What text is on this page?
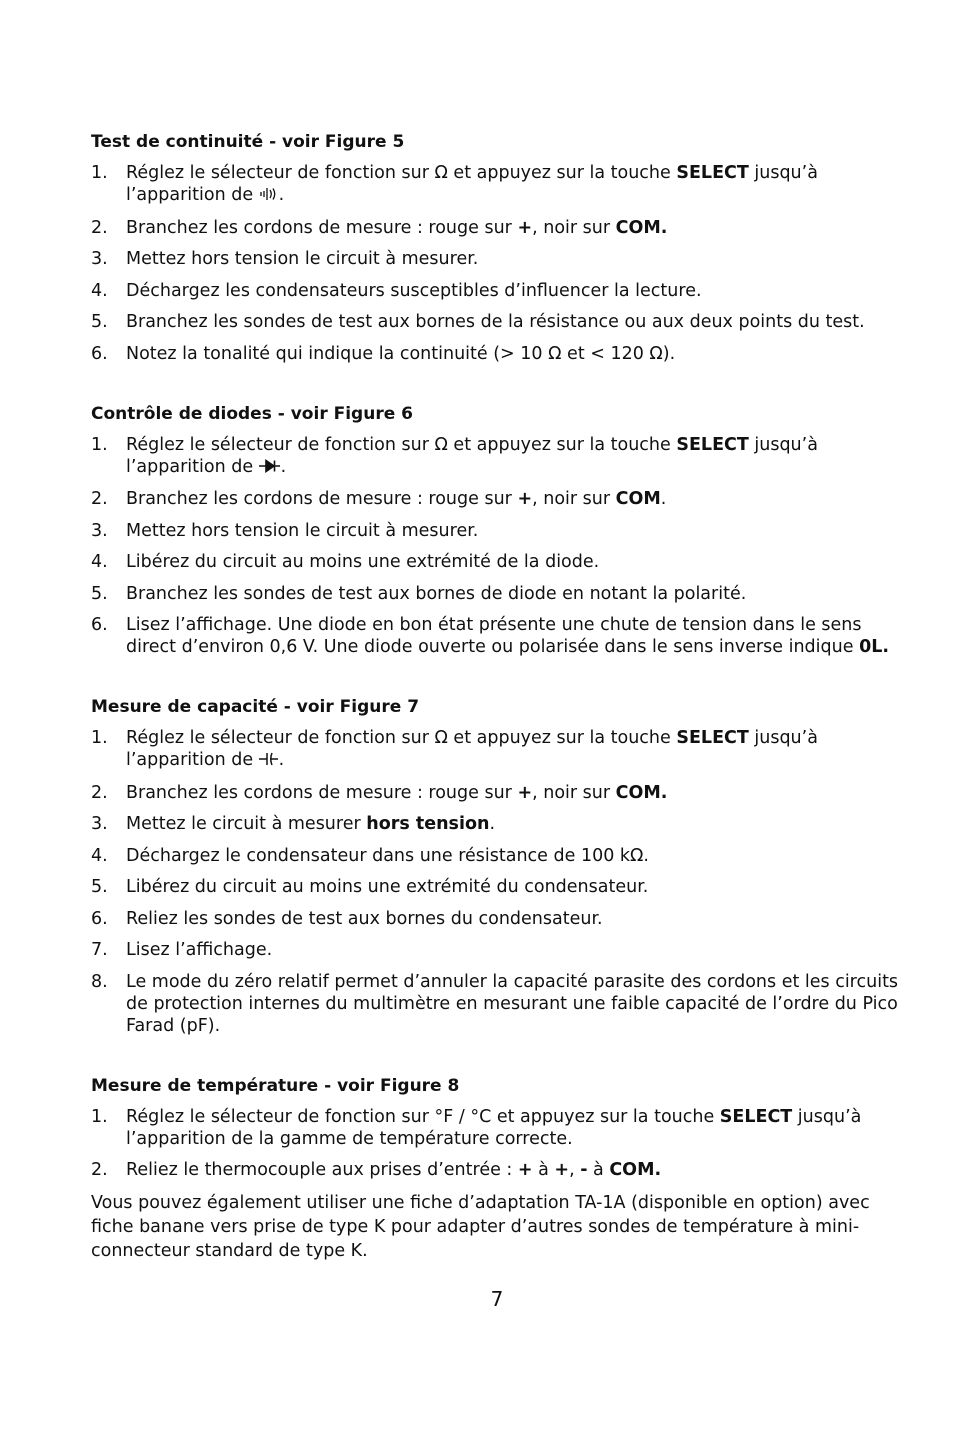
Test de continuité - voir Figure 5
1. Réglez le sélecteur de fonction sur Ω et appuyez sur la touche SELECT jusqu’à l’apparition de .
2. Branchez les cordons de mesure : rouge sur +, noir sur COM.
3. Mettez hors tension le circuit à mesurer.
4. Déchargez les condensateurs susceptibles d’influencer la lecture.
5. Branchez les sondes de test aux bornes de la résistance ou aux deux points du test.
6. Notez la tonalité qui indique la continuité (> 10 Ω et < 120 Ω).
Contrôle de diodes - voir Figure 6
1. Réglez le sélecteur de fonction sur Ω et appuyez sur la touche SELECT jusqu’à l’apparition de .
2. Branchez les cordons de mesure : rouge sur +, noir sur COM.
3. Mettez hors tension le circuit à mesurer.
4. Libérez du circuit au moins une extrémité de la diode.
5. Branchez les sondes de test aux bornes de diode en notant la polarité.
6. Lisez l’affichage. Une diode en bon état présente une chute de tension dans le sens direct d’environ 0,6 V. Une diode ouverte ou polarisée dans le sens inverse indique 0L.
Mesure de capacité - voir Figure 7
1. Réglez le sélecteur de fonction sur Ω et appuyez sur la touche SELECT jusqu’à l’apparition de .
2. Branchez les cordons de mesure : rouge sur +, noir sur COM.
3. Mettez le circuit à mesurer hors tension.
4. Déchargez le condensateur dans une résistance de 100 kΩ.
5. Libérez du circuit au moins une extrémité du condensateur.
6. Reliez les sondes de test aux bornes du condensateur.
7. Lisez l’affichage.
8. Le mode du zéro relatif permet d’annuler la capacité parasite des cordons et les circuits de protection internes du multimètre en mesurant une faible capacité de l’ordre du Pico Farad (pF).
Mesure de température - voir Figure 8
1. Réglez le sélecteur de fonction sur °F / °C et appuyez sur la touche SELECT jusqu’à l’apparition de la gamme de température correcte.
2. Reliez le thermocouple aux prises d’entrée : + à +, - à COM.
Vous pouvez également utiliser une fiche d’adaptation TA-1A (disponible en option) avec fiche banane vers prise de type K pour adapter d’autres sondes de température à mini-connecteur standard de type K.
7
